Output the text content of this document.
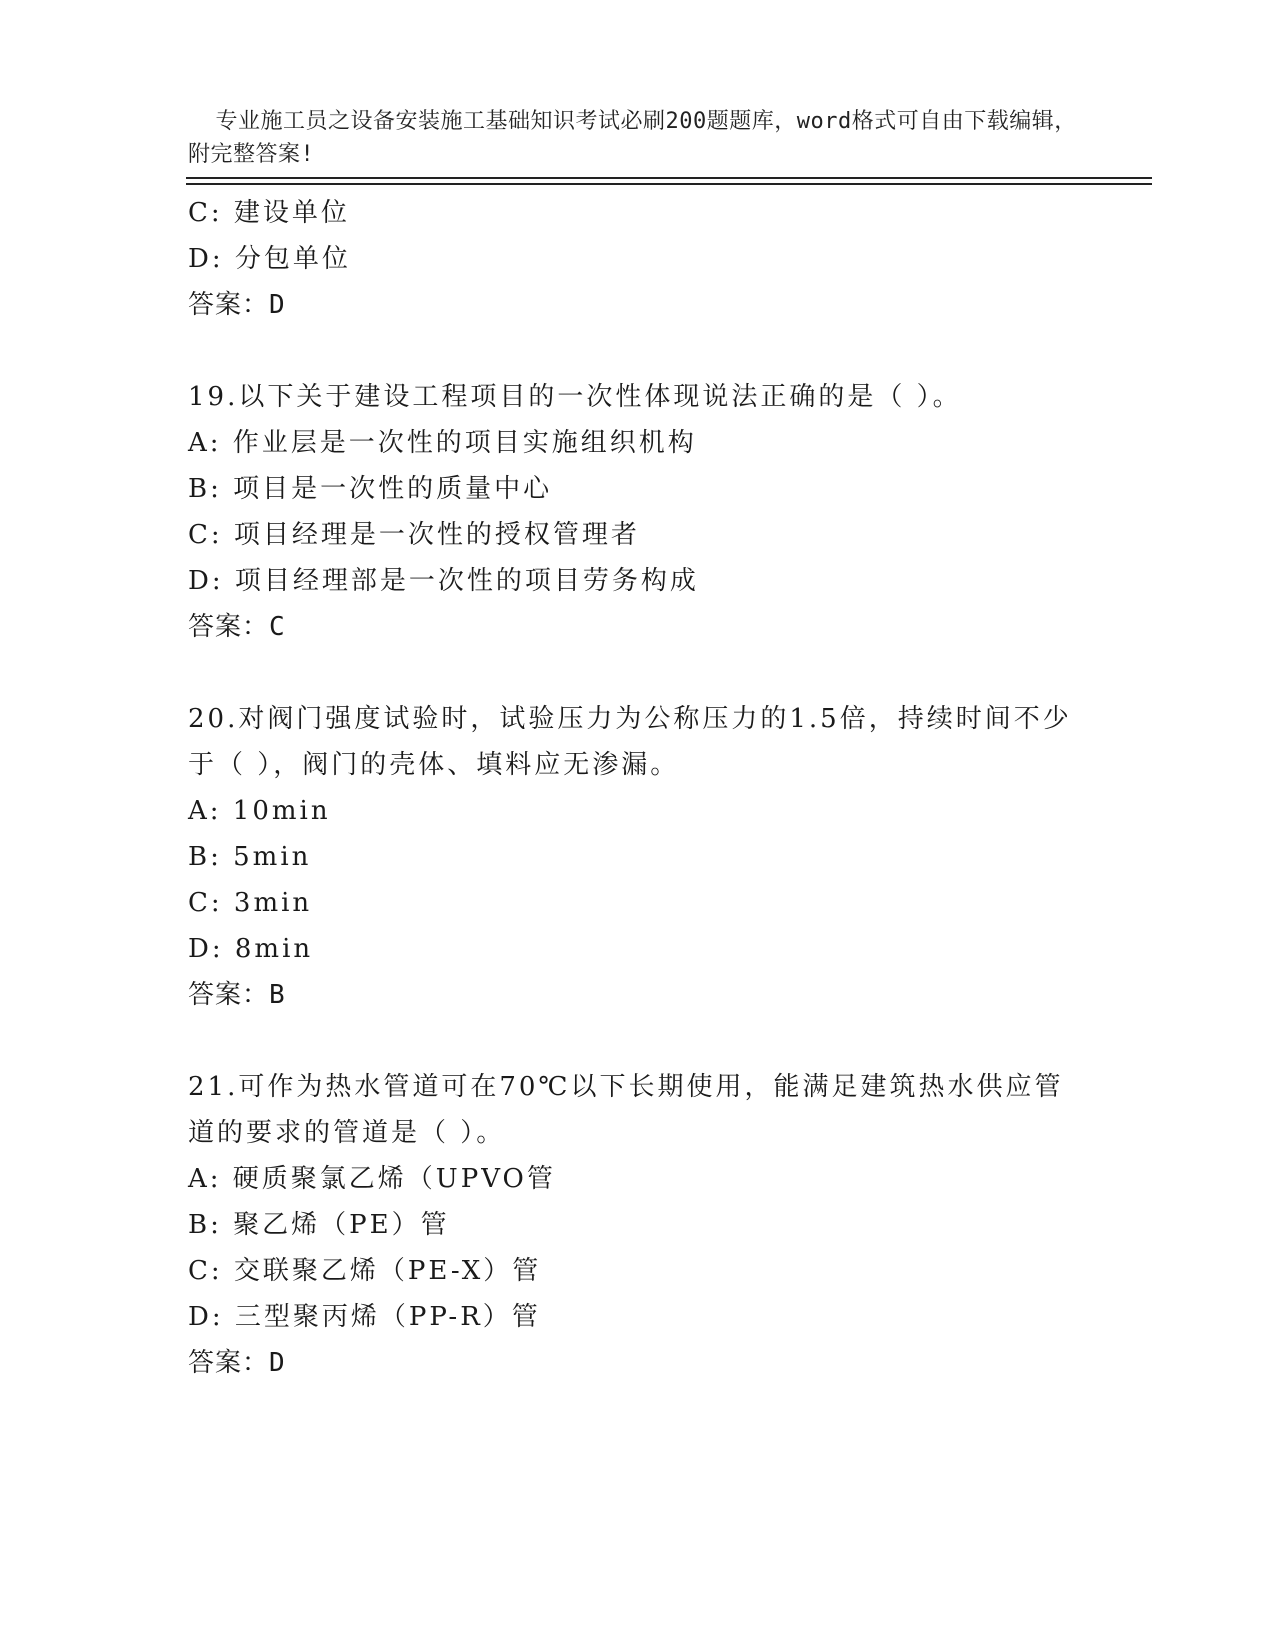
专业施工员之设备安装施工基础知识考试必刷200题题库，word格式可自由下载编辑，附完整答案!

C: 建设单位
D: 分包单位
答案：D
19.以下关于建设工程项目的一次性体现说法正确的是（ ）。
A: 作业层是一次性的项目实施组织机构
B: 项目是一次性的质量中心
C: 项目经理是一次性的授权管理者
D: 项目经理部是一次性的项目劳务构成
答案：C
20.对阀门强度试验时，试验压力为公称压力的1.5倍，持续时间不少于（ ），阀门的壳体、填料应无渗漏。
A: 10min
B: 5min
C: 3min
D: 8min
答案：B
21.可作为热水管道可在70℃以下长期使用，能满足建筑热水供应管道的要求的管道是（ ）。
A: 硬质聚氯乙烯（UPVO管
B: 聚乙烯（PE）管
C: 交联聚乙烯（PE-X）管
D: 三型聚丙烯（PP-R）管
答案：D
